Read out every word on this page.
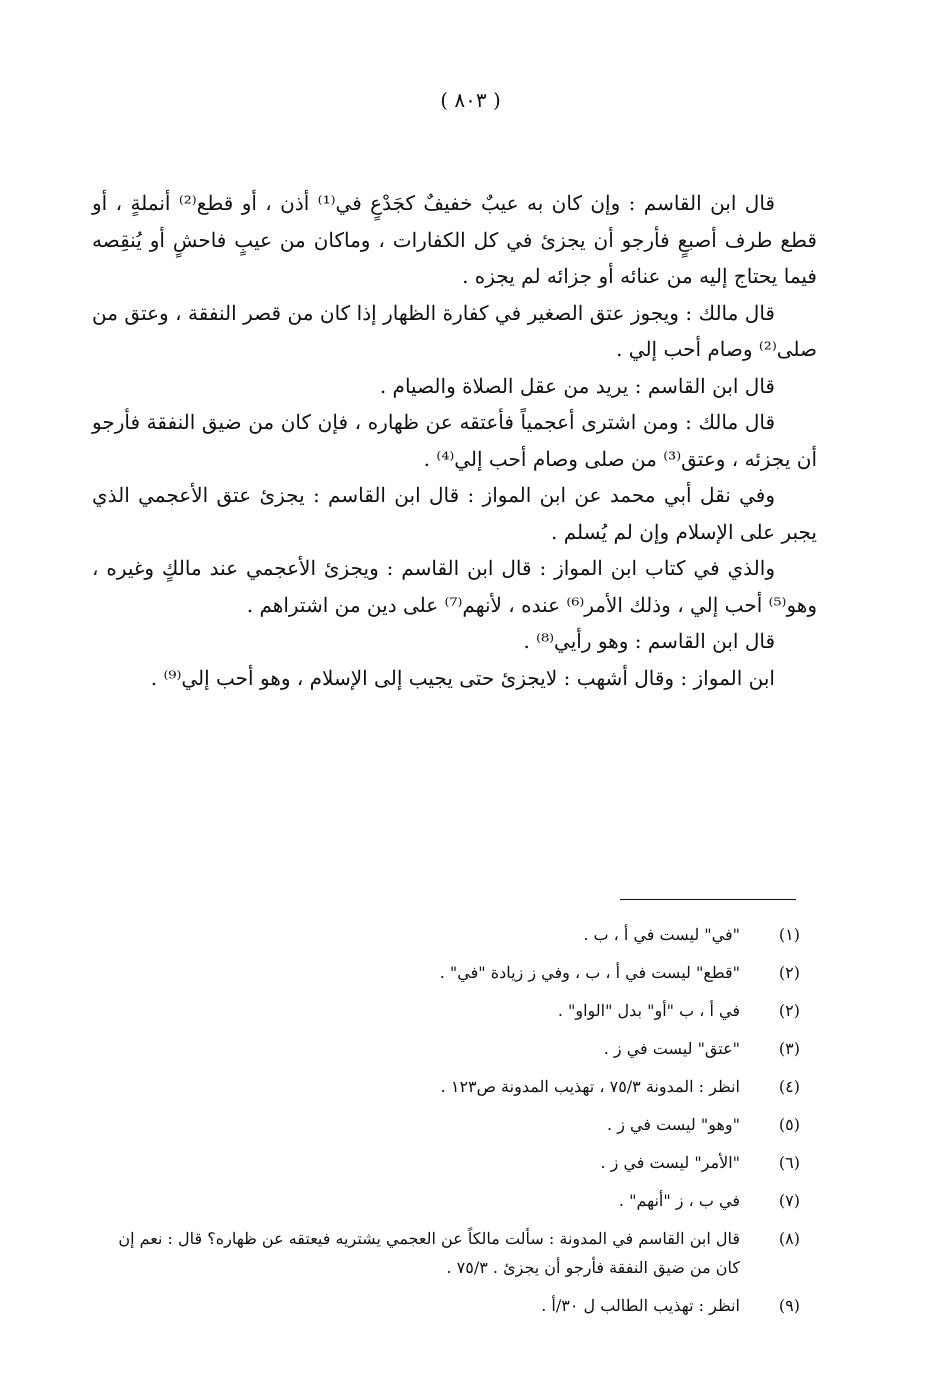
( ٨٠٣ )

قال ابن القاسم : وإن كان به عيبٌ خفيفٌ كجَدْعٍ في⁽¹⁾ أذن ، أو قطع⁽²⁾ أنملةٍ ، أو قطع طرف أصبعٍ فأرجو أن يجزئ في كل الكفارات ، وماكان من عيبٍ فاحشٍ أو يُنقِصه فيما يحتاج إليه من عنائه أو جزائه لم يجزه .

قال مالك : ويجوز عتق الصغير في كفارة الظهار إذا كان من قصر النفقة ، وعتق من صلى⁽²⁾ وصام أحب إلي .

قال ابن القاسم : يريد من عقل الصلاة والصيام .

قال مالك : ومن اشترى أعجمياً فأعتقه عن ظهاره ، فإن كان من ضيق النفقة فأرجو أن يجزئه ، وعتق⁽³⁾ من صلى وصام أحب إلي⁽⁴⁾ .

وفي نقل أبي محمد عن ابن المواز : قال ابن القاسم : يجزئ عتق الأعجمي الذي يجبر على الإسلام وإن لم يُسلم .

والذي في كتاب ابن المواز : قال ابن القاسم : ويجزئ الأعجمي عند مالكٍ وغيره ، وهو⁽⁵⁾ أحب إلي ، وذلك الأمر⁽⁶⁾ عنده ، لأنهم⁽⁷⁾ على دين من اشتراهم .

قال ابن القاسم : وهو رأيي⁽⁸⁾ .

ابن المواز : وقال أشهب : لايجزئ حتى يجيب إلى الإسلام ، وهو أحب إلي⁽⁹⁾ .

(١)
"في" ليست في أ ، ب .
(٢)
"قطع" ليست في أ ، ب ، وفي ز زيادة "في" .
(٢)
في أ ، ب "أو" بدل "الواو" .
(٣)
"عتق" ليست في ز .
(٤)
انظر : المدونة ٧٥/٣ ، تهذيب المدونة ص١٢٣ .
(٥)
"وهو" ليست في ز .
(٦)
"الأمر" ليست في ز .
(٧)
في ب ، ز "أنهم" .
(٨)
قال ابن القاسم في المدونة : سألت مالكاً عن العجمي يشتريه فيعتقه عن ظهاره؟ قال : نعم إن كان من ضيق النفقة فأرجو أن يجزئ . ٧٥/٣ .
(٩)
انظر : تهذيب الطالب ل ٣٠/أ .
